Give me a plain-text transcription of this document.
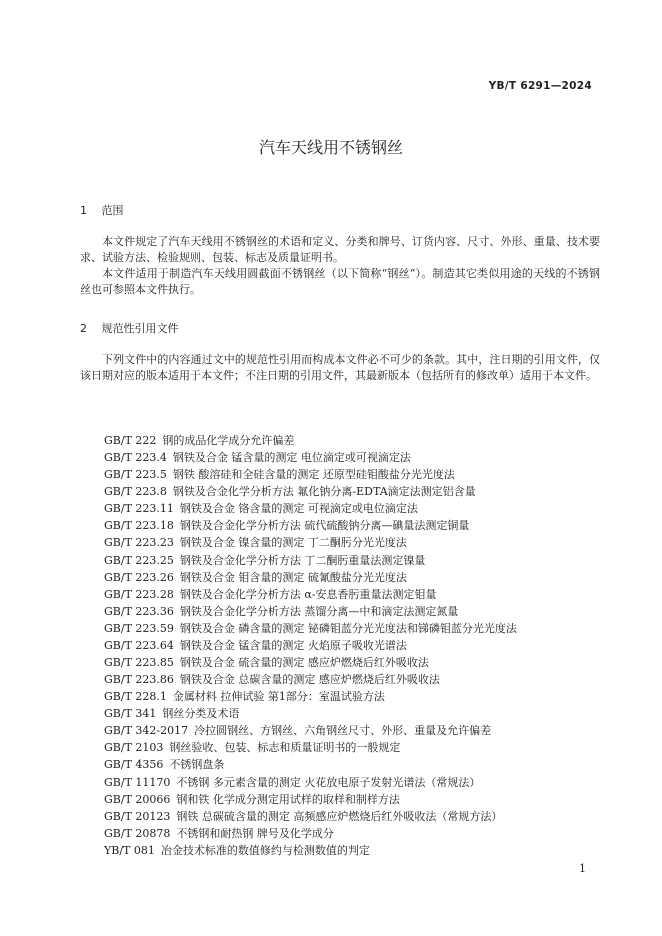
YB/T 6291—2024
汽车天线用不锈钢丝
1 范围
本文件规定了汽车天线用不锈钢丝的术语和定义、分类和牌号、订货内容、尺寸、外形、重量、技术要求、试验方法、检验规则、包装、标志及质量证明书。
本文件适用于制造汽车天线用圆截面不锈钢丝（以下简称“钢丝”）。制造其它类似用途的天线的不锈钢丝也可参照本文件执行。
2 规范性引用文件
下列文件中的内容通过文中的规范性引用而构成本文件必不可少的条款。其中，注日期的引用文件，仅该日期对应的版本适用于本文件；不注日期的引用文件，其最新版本（包括所有的修改单）适用于本文件。
GB/T 222 钢的成品化学成分允许偏差
GB/T 223.4 钢铁及合金 锰含量的测定 电位滴定或可视滴定法
GB/T 223.5 钢铁 酸溶硅和全硅含量的测定 还原型硅钼酸盐分光光度法
GB/T 223.8 钢铁及合金化学分析方法 氟化钠分离-EDTA滴定法测定铝含量
GB/T 223.11 钢铁及合金 铬含量的测定 可视滴定或电位滴定法
GB/T 223.18 钢铁及合金化学分析方法 硫代硫酸钠分离—碘量法测定铜量
GB/T 223.23 钢铁及合金 镍含量的测定 丁二酮肟分光光度法
GB/T 223.25 钢铁及合金化学分析方法 丁二酮肟重量法测定镍量
GB/T 223.26 钢铁及合金 钼含量的测定 硫氰酸盐分光光度法
GB/T 223.28 钢铁及合金化学分析方法 α-安息香肟重量法测定钼量
GB/T 223.36 钢铁及合金化学分析方法 蒸馏分离—中和滴定法测定氮量
GB/T 223.59 钢铁及合金 磷含量的测定 铋磷钼蓝分光光度法和锑磷钼蓝分光光度法
GB/T 223.64 钢铁及合金 锰含量的测定 火焰原子吸收光谱法
GB/T 223.85 钢铁及合金 硫含量的测定 感应炉燃烧后红外吸收法
GB/T 223.86 钢铁及合金 总碳含量的测定 感应炉燃烧后红外吸收法
GB/T 228.1 金属材料 拉伸试验 第1部分：室温试验方法
GB/T 341 钢丝分类及术语
GB/T 342-2017 冷拉圆钢丝、方钢丝、六角钢丝尺寸、外形、重量及允许偏差
GB/T 2103 钢丝验收、包装、标志和质量证明书的一般规定
GB/T 4356 不锈钢盘条
GB/T 11170 不锈钢 多元素含量的测定 火花放电原子发射光谱法（常规法）
GB/T 20066 钢和铁 化学成分测定用试样的取样和制样方法
GB/T 20123 钢铁 总碳硫含量的测定 高频感应炉燃烧后红外吸收法（常规方法）
GB/T 20878 不锈钢和耐热钢 牌号及化学成分
YB/T 081 冶金技术标准的数值修约与检测数值的判定
1
